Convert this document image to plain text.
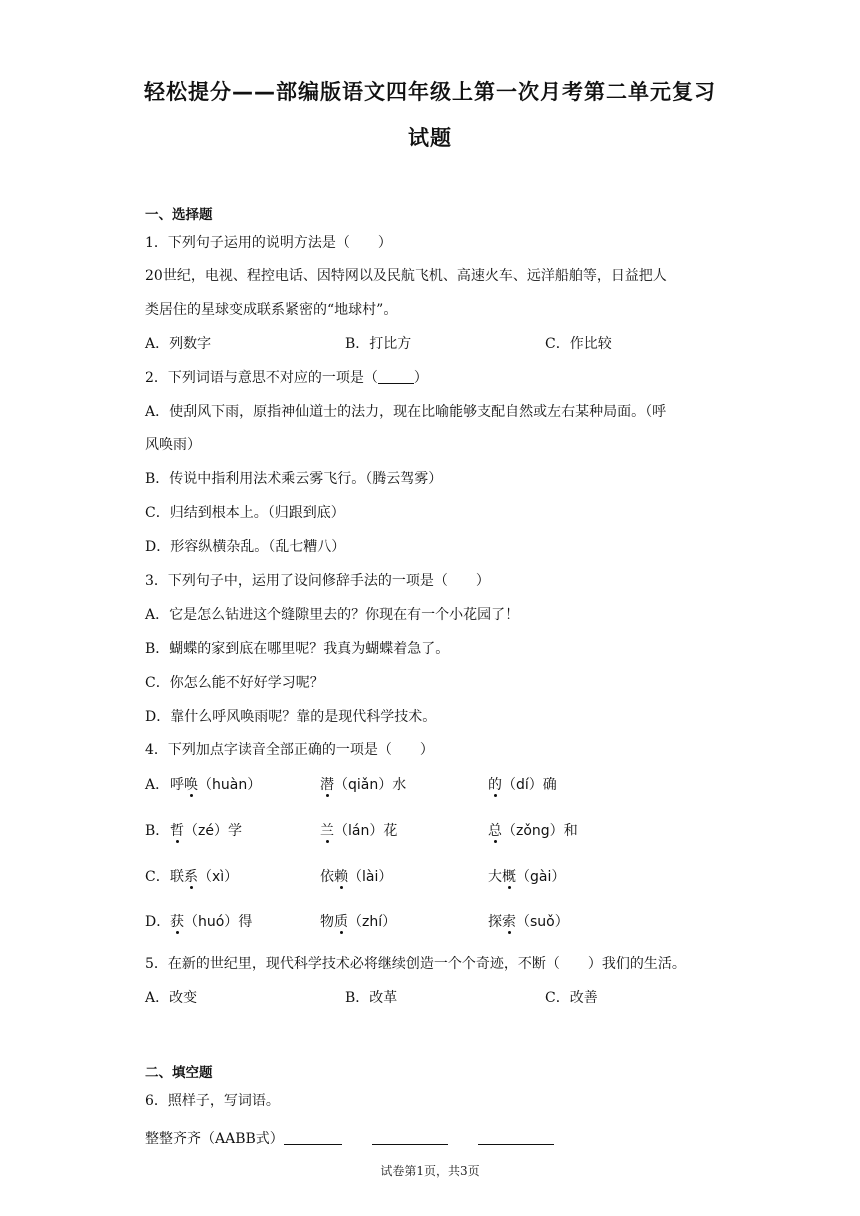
轻松提分——部编版语文四年级上第一次月考第二单元复习
试题
一、选择题
1．下列句子运用的说明方法是（　　）
20世纪，电视、程控电话、因特网以及民航飞机、高速火车、远洋船舶等，日益把人
类居住的星球变成联系紧密的“地球村”。
A．列数字	B．打比方	C．作比较
2．下列词语与意思不对应的一项是（	）
A．使刮风下雨，原指神仙道士的法力，现在比喻能够支配自然或左右某种局面。（呼
风唤雨）
B．传说中指利用法术乘云雾飞行。（腾云驾雾）
C．归结到根本上。（归跟到底）
D．形容纵横杂乱。（乱七糟八）
3．下列句子中，运用了设问修辞手法的一项是（　　）
A．它是怎么钻进这个缝隙里去的？你现在有一个小花园了！
B．蝴蝶的家到底在哪里呢？我真为蝴蝶着急了。
C．你怎么能不好好学习呢？
D．靠什么呼风唤雨呢？靠的是现代科学技术。
4．下列加点字读音全部正确的一项是（　　）
A． 呼唤（huàn）	潜（qiǎn）水	的（dí）确
B． 哲（zé）学	兰（lán）花	总（zǒng）和
C． 联系（xì）	依赖（lài）	大概（gài）
D． 获（huó）得	物质（zhí）	探索（suǒ）
5．在新的世纪里，现代科学技术必将继续创造一个个奇迹，不断（　　）我们的生活。
A．改变	B．改革	C．改善
二、填空题
6．照样子，写词语。
整整齐齐（AABB式）
试卷第1页，共3页
